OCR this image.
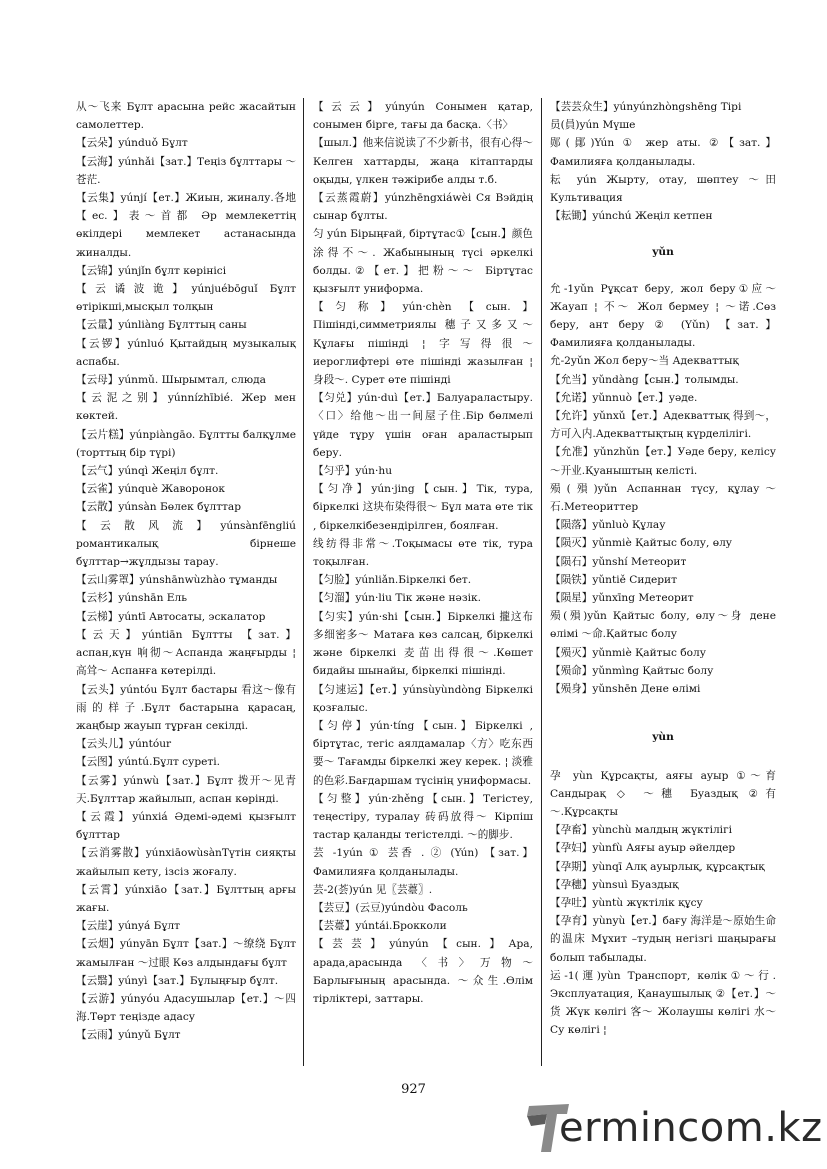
从～飞来 Бұлт арасына рейс жасайтын самолеттер.

【云朵】yúnduǒ Бұлт

【云海】yúnhǎi【зат.】Теңіз бұлттары ～苍茫.

【云集】yúnjí【ет.】Жиын, жиналу.各地【ес.】表～首都 Әр мемлекеттің өкілдері мемлекет астанасында жиналды.

【云锦】yúnjǐn бұлт көрінісі

【云谲波诡】yúnjuébōguǐ Бұлт өтірікші,мысқыл толқын

【云量】yúnliàng Бұлттың саны

【云锣】yúnluó Қытайдың музыкалық аспабы.

【云母】yúnmǔ. Шырымтал, слюда

【云泥之别】yúnnízhībié. Жер мен көктей.

【云片糕】yúnpiàngāo. Бұлтты балқұлме (торттың бір түрі)

【云气】yúnqì Жеңіл бұлт.

【云雀】yúnquè Жаворонок

【云散】yúnsàn Бөлек бұлттар

【云散风流】yúnsànfēngliú романтикалық бірнеше бұлттар→жұлдызы тарау.

【云山雾罩】yúnshānwùzhào тұманды

【云杉】yúnshān Ель

【云梯】yúntī Автосаты, эскалатор

【云天】yúntiān Бұлтты 【зат.】аспан,күн 响彻～Аспанда жаңғырды ¦ 高耸～ Аспанға көтерілді.

【云头】yúntóu Бұлт бастары 看这～像有雨的样子.Бұлт бастарына қарасаң, жаңбыр жауып тұрған секілді.

【云头儿】yúntóur

【云图】yúntú.Бұлт суреті.

【云雾】yúnwù【зат.】Бұлт 拨开～见青天.Бұлттар жайылып, аспан көрінді.

【云霞】yúnxiá Әдемі-әдемі қызғылт бұлттар

【云消雾散】yúnxiāowùsànТүтін сияқты жайылып кету, ізсіз жоғалу.

【云霄】yúnxiāo【зат.】Бұлттың арғы жағы.

【云崖】yúnyá Бұлт

【云烟】yúnyān Бұлт【зат.】～缭绕 Бұлт жамылған ～过眼 Көз алдындағы бұлт

【云翳】yúnyì【зат.】Бұлыңғыр бұлт.

【云游】yúnyóu Адасушылар【ет.】～四海.Төрт теңізде адасу

【云雨】yúnyǔ Бұлт

【云云】yúnyún Сонымен қатар, сонымен бірге, тағы да басқа.〈书〉

【шыл.】他来信说读了不少新书，很有心得～ Келген хаттарды, жаңа кітаптарды оқыды, үлкен тәжірибе алды т.б.

【云蒸霞蔚】yúnzhēngxiáwèi Ся Вэйдің сынар бұлты.

匀 yún Бірыңғай, біртұтас①【сын.】颜色涂得不～. Жабынының түсі әркелкі болды.②【ет.】把粉～～ Біртұтас қызғылт униформа.

【匀称】yún·chèn【сын.】Пішінді,симметриялы 穗子又多又～ Құлағы пішінді ¦ 字写得很～ иероглифтері өте пішінді жазылған ¦ 身段～. Сурет өте пішінді

【匀兑】yún·duì【ет.】Балуарaластыру.〈口〉给他～出一间屋子住.Бір бөлмелі үйде тұру үшін оған араластырып беру.

【匀乎】yún·hu

【匀净】yún·jing【сын.】Тік, тура, біркелкі 这块布染得很～ Бұл мата өте тік , біркелкібезендірілген, боялған.

线纺得非常～.Тоқымасы өте тік, тура тоқылған.

【匀脸】yúnliǎn.Біркелкі бет.

【匀溜】yún·liu Тік және нәзік.

【匀实】yún·shi【сын.】Біркелкі 攏这布多细密多～ Матаға көз салсаң, біркелкі және біркелкі 麦苗出得很～.Көшет бидайы шынайы, біркелкі пішінді.

【匀速运】【ет.】yúnsùyùndòng Біркелкі қозғалыс.

【匀停】yún·tíng【сын.】Біркелкі , біртұтас, тегіс аялдамалар〈方〉吃东西要～ Тағамды біркелкі жеу керек. ¦ 淡雅的色彩.Бағдаршам түсінің униформасы.

【匀整】yún·zhěng【сын.】Тегістеу, теңестіру, туралау 砖码放得～ Кірпіш тастар қаланды тегістелді. ～的脚步.

芸 -1yún ① 芸香 . ② (Yún) 【зат.】Фамилияға қолданылады.

芸-2(荟)yún 见〖芸薹〗.

【芸豆】(云豆)yúndòu Фасоль

【芸薹】yúntái.Брокколи

【芸芸】yúnyún【сын.】Ара, арада,арасында 〈书〉万物～ Барлығының арасында. ～众生.Өлім тірліктері, заттары.

【芸芸众生】yúnyúnzhòngshēng Тірі

员(員)yún Мүше

郧(鄖)Yún ① жер аты. ②【зат.】Фамилияға қолданылады.

耘 yún Жырту, отау, шөптеу ～田 Культивация

【耘锄】yúnchú Жеңіл кетпен

yǔn

允-1yǔn Рұқсат беру, жол беру①应～Жауап ¦ 不～ Жол бермеу ¦ ～诺.Сөз беру, ант беру ② (Yǔn) 【зат.】Фамилияға қолданылады.

允-2yǔn Жол беру～当 Адекваттық

【允当】yǔndàng【сын.】толымды.

【允诺】yǔnnuò【ет.】уәде.

【允许】yǔnxǔ【ет.】Адекваттық 得到～，方可入内.Адекваттықтың күрделілігі.

【允准】yǔnzhǔn【ет.】Уәде беру, келісу～开业.Қуаныштың келісті.

殒(殞)yǔn Аспаннан түсу, құлау～石.Метеориттер

【陨落】yǔnluò Құлау

【陨灭】yǔnmiè Қайтыс болу, өлу

【陨石】yǔnshí Метеорит

【陨铁】yǔntiě Сидерит

【陨星】yǔnxīng Метеорит

殒(殞)yǔn Қайтыс болу, өлу～身 дене өлімі ～命.Қайтыс болу

【殒灭】yǔnmiè Қайтыс болу

【殒命】yǔnmìng Қайтыс болу

【殒身】yǔnshēn Дене өлімі

yùn

孕 yùn Құрсақты, аяғы ауыр ①～育 Сандырақ ◇ ～穗 Буаздық ②有～.Құрсақты

【孕畜】yùnchù малдың жүктілігі

【孕妇】yùnfù Аяғы ауыр әйелдер

【孕期】yùnqī Алқ ауырлық, құрсақтық

【孕穗】yùnsuì Буаздық

【孕吐】yùntù жүктілік құсу

【孕育】yùnyù【ет.】бағу 海洋是～原始生命的温床 Мұхит –тудың негізгі шаңырағы болып табылады.

运-1(運)yùn Транспорт, көлік①～行. Эксплуатация, Қанаушылық ②【ет.】～货 Жүк көлігі 客～ Жолаушы көлігі 水～ Су көлігі ¦

927
ermincom.kz
